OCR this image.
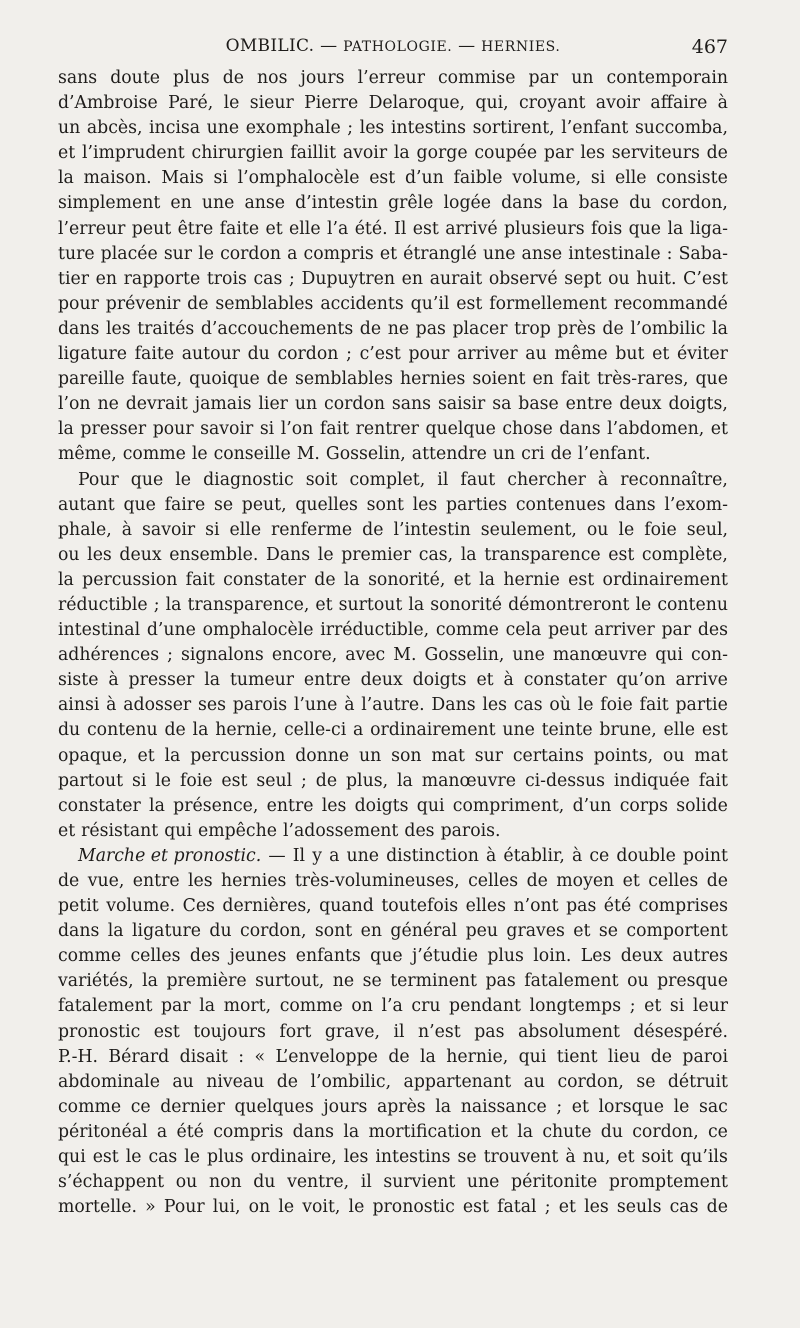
OMBILIC. — PATHOLOGIE. — HERNIES.	467
sans doute plus de nos jours l’erreur commise par un contemporain
d’Ambroise Paré, le sieur Pierre Delaroque, qui, croyant avoir affaire à
un abcès, incisa une exomphale ; les intestins sortirent, l’enfant succomba,
et l’imprudent chirurgien faillit avoir la gorge coupée par les serviteurs de
la maison. Mais si l’omphalocèle est d’un faible volume, si elle consiste
simplement en une anse d’intestin grêle logée dans la base du cordon,
l’erreur peut être faite et elle l’a été. Il est arrivé plusieurs fois que la liga-
ture placée sur le cordon a compris et étranglé une anse intestinale : Saba-
tier en rapporte trois cas ; Dupuytren en aurait observé sept ou huit. C’est
pour prévenir de semblables accidents qu’il est formellement recommandé
dans les traités d’accouchements de ne pas placer trop près de l’ombilic la
ligature faite autour du cordon ; c’est pour arriver au même but et éviter
pareille faute, quoique de semblables hernies soient en fait très-rares, que
l’on ne devrait jamais lier un cordon sans saisir sa base entre deux doigts,
la presser pour savoir si l’on fait rentrer quelque chose dans l’abdomen, et
même, comme le conseille M. Gosselin, attendre un cri de l’enfant.
Pour que le diagnostic soit complet, il faut chercher à reconnaître,
autant que faire se peut, quelles sont les parties contenues dans l’exom-
phale, à savoir si elle renferme de l’intestin seulement, ou le foie seul,
ou les deux ensemble. Dans le premier cas, la transparence est complète,
la percussion fait constater de la sonorité, et la hernie est ordinairement
réductible ; la transparence, et surtout la sonorité démontreront le contenu
intestinal d’une omphalocèle irréductible, comme cela peut arriver par des
adhérences ; signalons encore, avec M. Gosselin, une manœuvre qui con-
siste à presser la tumeur entre deux doigts et à constater qu’on arrive
ainsi à adosser ses parois l’une à l’autre. Dans les cas où le foie fait partie
du contenu de la hernie, celle-ci a ordinairement une teinte brune, elle est
opaque, et la percussion donne un son mat sur certains points, ou mat
partout si le foie est seul ; de plus, la manœuvre ci-dessus indiquée fait
constater la présence, entre les doigts qui compriment, d’un corps solide
et résistant qui empêche l’adossement des parois.
Marche et pronostic. — Il y a une distinction à établir, à ce double point
de vue, entre les hernies très-volumineuses, celles de moyen et celles de
petit volume. Ces dernières, quand toutefois elles n’ont pas été comprises
dans la ligature du cordon, sont en général peu graves et se comportent
comme celles des jeunes enfants que j’étudie plus loin. Les deux autres
variétés, la première surtout, ne se terminent pas fatalement ou presque
fatalement par la mort, comme on l’a cru pendant longtemps ; et si leur
pronostic est toujours fort grave, il n’est pas absolument désespéré.
P.-H. Bérard disait : « L’enveloppe de la hernie, qui tient lieu de paroi
abdominale au niveau de l’ombilic, appartenant au cordon, se détruit
comme ce dernier quelques jours après la naissance ; et lorsque le sac
péritonéal a été compris dans la mortification et la chute du cordon, ce
qui est le cas le plus ordinaire, les intestins se trouvent à nu, et soit qu’ils
s’échappent ou non du ventre, il survient une péritonite promptement
mortelle. » Pour lui, on le voit, le pronostic est fatal ; et les seuls cas de
